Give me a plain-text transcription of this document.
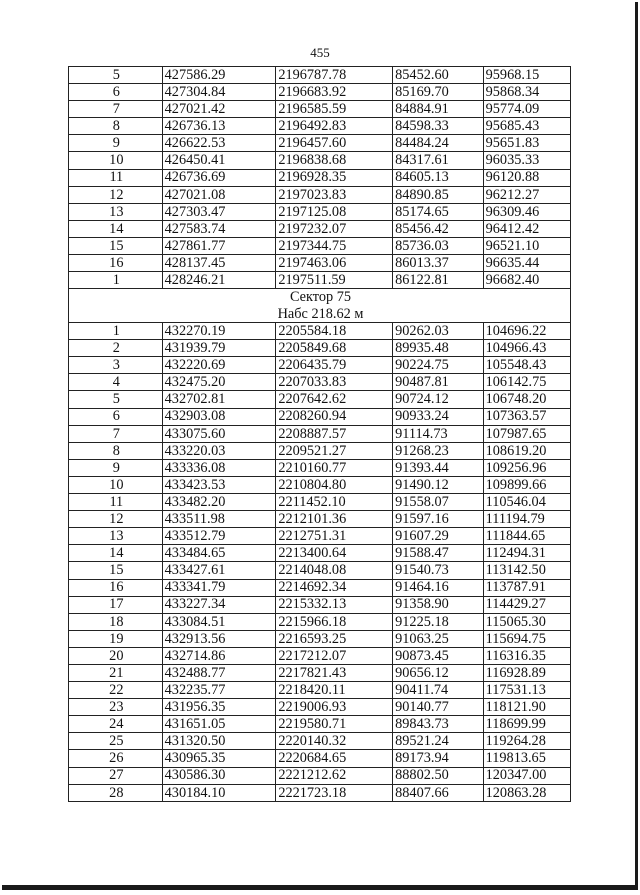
455
5	427586.29	2196787.78	85452.60	95968.15
6	427304.84	2196683.92	85169.70	95868.34
7	427021.42	2196585.59	84884.91	95774.09
8	426736.13	2196492.83	84598.33	95685.43
9	426622.53	2196457.60	84484.24	95651.83
10	426450.41	2196838.68	84317.61	96035.33
11	426736.69	2196928.35	84605.13	96120.88
12	427021.08	2197023.83	84890.85	96212.27
13	427303.47	2197125.08	85174.65	96309.46
14	427583.74	2197232.07	85456.42	96412.42
15	427861.77	2197344.75	85736.03	96521.10
16	428137.45	2197463.06	86013.37	96635.44
1	428246.21	2197511.59	86122.81	96682.40

Сектор 75
Набс 218.62 м				

1	432270.19	2205584.18	90262.03	104696.22
2	431939.79	2205849.68	89935.48	104966.43
3	432220.69	2206435.79	90224.75	105548.43
4	432475.20	2207033.83	90487.81	106142.75
5	432702.81	2207642.62	90724.12	106748.20
6	432903.08	2208260.94	90933.24	107363.57
7	433075.60	2208887.57	91114.73	107987.65
8	433220.03	2209521.27	91268.23	108619.20
9	433336.08	2210160.77	91393.44	109256.96
10	433423.53	2210804.80	91490.12	109899.66
11	433482.20	2211452.10	91558.07	110546.04
12	433511.98	2212101.36	91597.16	111194.79
13	433512.79	2212751.31	91607.29	111844.65
14	433484.65	2213400.64	91588.47	112494.31
15	433427.61	2214048.08	91540.73	113142.50
16	433341.79	2214692.34	91464.16	113787.91
17	433227.34	2215332.13	91358.90	114429.27
18	433084.51	2215966.18	91225.18	115065.30
19	432913.56	2216593.25	91063.25	115694.75
20	432714.86	2217212.07	90873.45	116316.35
21	432488.77	2217821.43	90656.12	116928.89
22	432235.77	2218420.11	90411.74	117531.13
23	431956.35	2219006.93	90140.77	118121.90
24	431651.05	2219580.71	89843.73	118699.99
25	431320.50	2220140.32	89521.24	119264.28
26	430965.35	2220684.65	89173.94	119813.65
27	430586.30	2221212.62	88802.50	120347.00
28	430184.10	2221723.18	88407.66	120863.28
